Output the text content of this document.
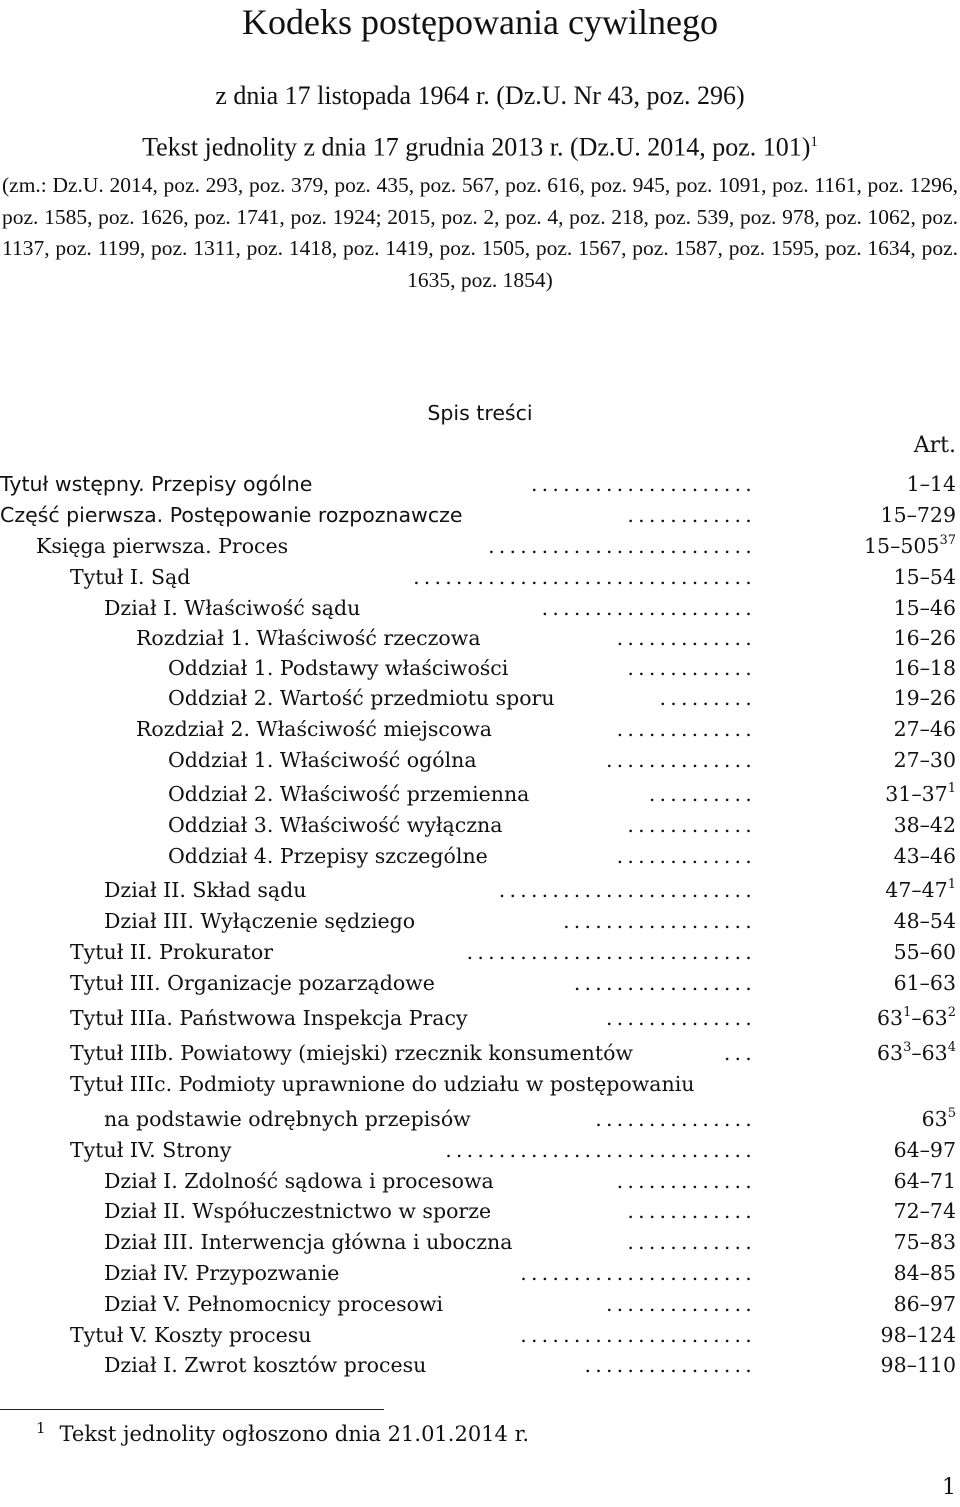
Kodeks postępowania cywilnego
z dnia 17 listopada 1964 r. (Dz.U. Nr 43, poz. 296)
Tekst jednolity z dnia 17 grudnia 2013 r. (Dz.U. 2014, poz. 101)$^1$
(zm.: Dz.U. 2014, poz. 293, poz. 379, poz. 435, poz. 567, poz. 616, poz. 945, poz. 1091, poz. 1161, poz. 1296, poz. 1585, poz. 1626, poz. 1741, poz. 1924; 2015, poz. 2, poz. 4, poz. 218, poz. 539, poz. 978, poz. 1062, poz. 1137, poz. 1199, poz. 1311, poz. 1418, poz. 1419, poz. 1505, poz. 1567, poz. 1587, poz. 1595, poz. 1634, poz. 1635, poz. 1854)
Spis treści
Art.
Tytuł wstępny. Przepisy ogólne	.....................	1–14
Część pierwsza. Postępowanie rozpoznawcze	............	15–729
Księga pierwsza. Proces	.........................	$15-505^{37}$
Tytuł I. Sąd	................................	15–54
Dział I. Właściwość sądu	....................	15–46
Rozdział 1. Właściwość rzeczowa	.............	16–26
Oddział 1. Podstawy właściwości	............	16–18
Oddział 2. Wartość przedmiotu sporu	.........	19–26
Rozdział 2. Właściwość miejscowa	.............	27–46
Oddział 1. Właściwość ogólna	..............	27–30
Oddział 2. Właściwość przemienna	..........	$31-37^1$
Oddział 3. Właściwość wyłączna	............	38–42
Oddział 4. Przepisy szczególne	.............	43–46
Dział II. Skład sądu	........................	$47-47^1$
Dział III. Wyłączenie sędziego	..................	48–54
Tytuł II. Prokurator	...........................	55–60
Tytuł III. Organizacje pozarządowe	.................	61–63
Tytuł IIIa. Państwowa Inspekcja Pracy	..............	$63^1-63^2$
Tytuł IIIb. Powiatowy (miejski) rzecznik konsumentów	...	$63^3-63^4$
Tytuł IIIc. Podmioty uprawnione do udziału w postępowaniu
na podstawie odrębnych przepisów	...............	$63^5$
Tytuł IV. Strony	.............................	64–97
Dział I. Zdolność sądowa i procesowa	.............	64–71
Dział II. Współuczestnictwo w sporze	............	72–74
Dział III. Interwencja główna i uboczna	............	75–83
Dział IV. Przypozwanie	......................	84–85
Dział V. Pełnomocnicy procesowi	..............	86–97
Tytuł V. Koszty procesu	......................	98–124
Dział I. Zwrot kosztów procesu	................	98–110
$^1$ Tekst jednolity ogłoszono dnia 21.01.2014 r.
1
